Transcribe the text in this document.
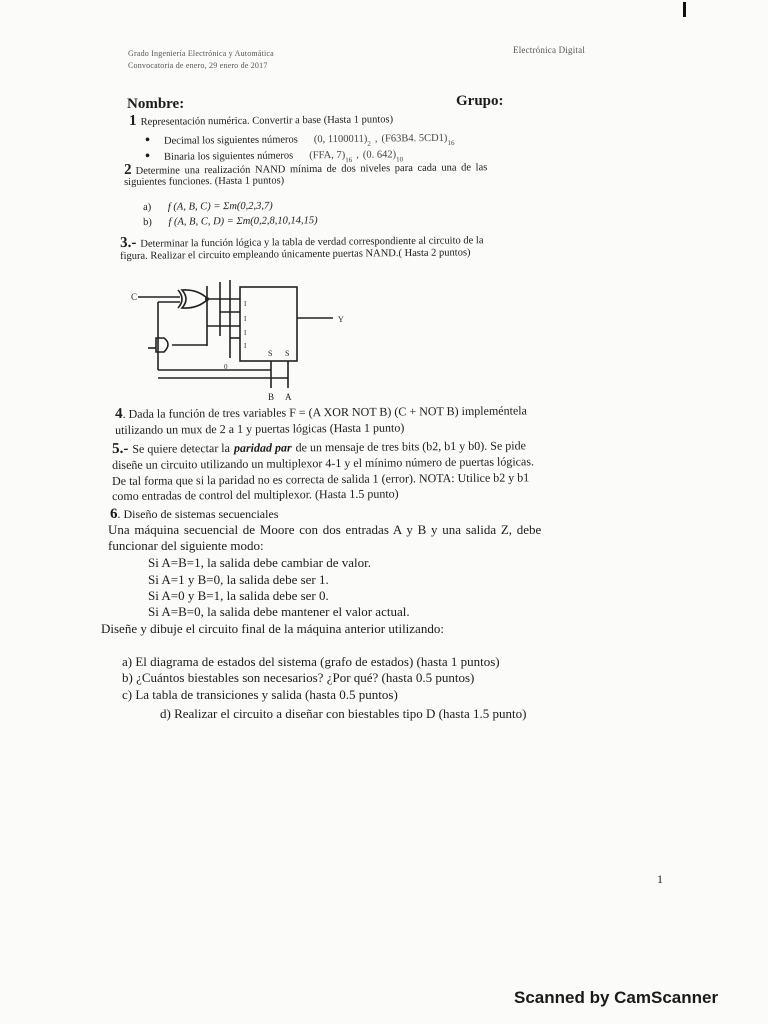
Grado Ingeniería Electrónica y Automática
Convocatoria de enero, 29 enero de 2017
Electrónica Digital
Nombre:	Grupo:
1 Representación numérica. Convertir a base (Hasta 1 puntos)
• Decimal los siguientes números (0, $1100011)_2$ , (F63B4. $5CD1)_{16}$
• Binaria los siguientes números (FFA, $7)_{16}$ , (0. $642)_{10}$
2 Determine una realización NAND mínima de dos niveles para cada una de las
siguientes funciones. (Hasta 1 puntos)
a) f (A, B, C) = Σm(0,2,3,7)
b) f (A, B, C, D) = Σm(0,2,8,10,14,15)
3.- Determinar la función lógica y la tabla de verdad correspondiente al circuito de la
figura. Realizar el circuito empleando únicamente puertas NAND.( Hasta 2 puntos)
C
Y
I
I
I
I
S S
0
B A
4. Dada la función de tres variables F = (A XOR NOT B) (C + NOT B) impleméntela
utilizando un mux de 2 a 1 y puertas lógicas (Hasta 1 punto)
5.- Se quiere detectar la paridad par de un mensaje de tres bits (b2, b1 y b0). Se pide
diseñe un circuito utilizando un multiplexor 4-1 y el mínimo número de puertas lógicas.
De tal forma que si la paridad no es correcta de salida 1 (error). NOTA: Utilice b2 y b1
como entradas de control del multiplexor. (Hasta 1.5 punto)
6. Diseño de sistemas secuenciales
Una máquina secuencial de Moore con dos entradas A y B y una salida Z, debe
funcionar del siguiente modo:
Si A=B=1, la salida debe cambiar de valor.
Si A=1 y B=0, la salida debe ser 1.
Si A=0 y B=1, la salida debe ser 0.
Si A=B=0, la salida debe mantener el valor actual.
Diseñe y dibuje el circuito final de la máquina anterior utilizando:
a) El diagrama de estados del sistema (grafo de estados) (hasta 1 puntos)
b) ¿Cuántos biestables son necesarios? ¿Por qué? (hasta 0.5 puntos)
c) La tabla de transiciones y salida (hasta 0.5 puntos)
d) Realizar el circuito a diseñar con biestables tipo D (hasta 1.5 punto)
1
Scanned by CamScanner
